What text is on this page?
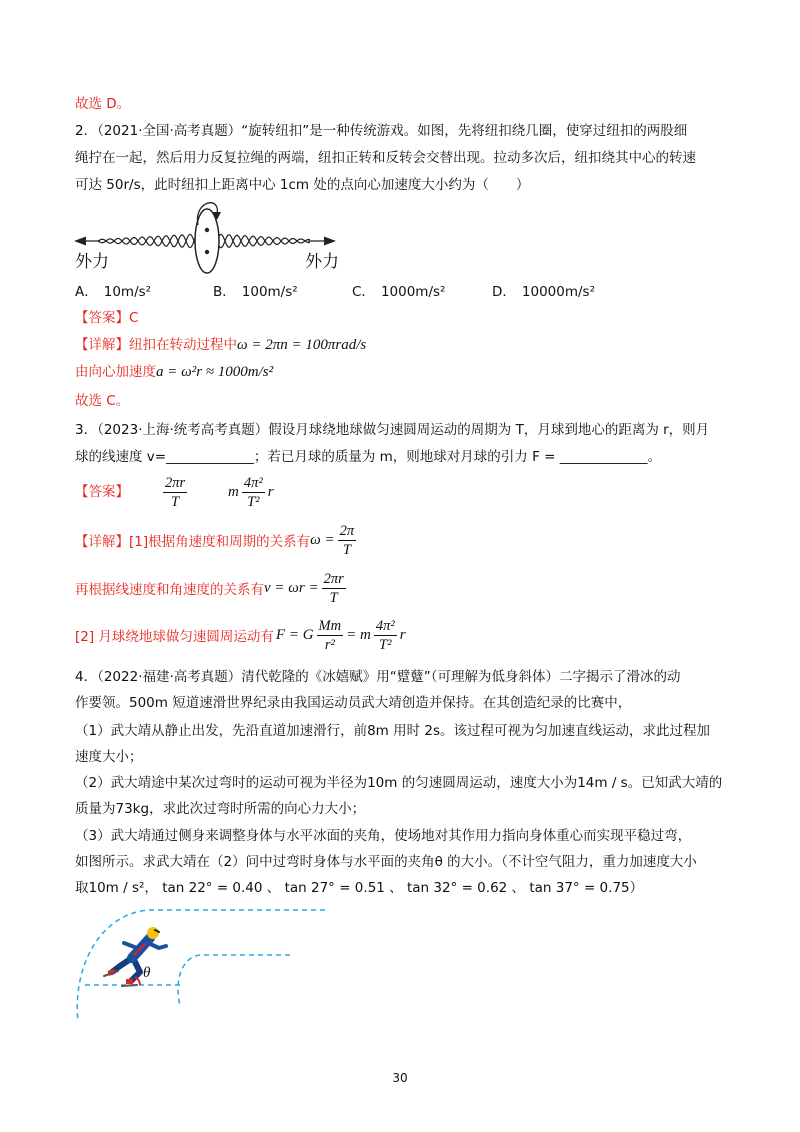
故选 D。
2．（2021·全国·高考真题）“旋转纽扣”是一种传统游戏。如图，先将纽扣绕几圈，使穿过纽扣的两股细
绳拧在一起，然后用力反复拉绳的两端，纽扣正转和反转会交替出现。拉动多次后，纽扣绕其中心的转速
可达 50r/s，此时纽扣上距离中心 1cm 处的点向心加速度大小约为（　　）
外力	外力
A． 10m/s²	B． 100m/s²	C． 1000m/s²	D． 10000m/s²
【答案】C
【详解】纽扣在转动过程中ω = 2πn = 100πrad/s
由向心加速度a = ω²r ≈ 1000m/s²
故选 C。
3．（2023·上海·统考高考真题）假设月球绕地球做匀速圆周运动的周期为 T，月球到地心的距离为 r，则月
球的线速度 v=_____________；若已月球的质量为 m，则地球对月球的引力 F = _____________。
【答案】	$\frac{2\pi r}{T}$	m $\frac{\text{4π²}}{\text{T²}}$ r
【详解】[1]根据角速度和周期的关系有 $\omega = \frac{2\pi}{T}$
再根据线速度和角速度的关系有 $v = \omega r = \frac{2\pi r}{T}$
[2] 月球绕地球做匀速圆周运动有 F = G $\frac{Mm}{\text{r²}} = m \frac{\text{4π²}}{\text{T²}}$ r
4．（2022·福建·高考真题）清代乾隆的《冰嬉赋》用“躄躠”（可理解为低身斜体）二字揭示了滑冰的动
作要领。500m 短道速滑世界纪录由我国运动员武大靖创造并保持。在其创造纪录的比赛中，
（1）武大靖从静止出发，先沿直道加速滑行，前8m 用时 2s。该过程可视为匀加速直线运动，求此过程加
速度大小；
（2）武大靖途中某次过弯时的运动可视为半径为10m 的匀速圆周运动，速度大小为14m / s。已知武大靖的
质量为73kg，求此次过弯时所需的向心力大小；
（3）武大靖通过侧身来调整身体与水平冰面的夹角，使场地对其作用力指向身体重心而实现平稳过弯，
如图所示。求武大靖在（2）问中过弯时身体与水平面的夹角θ 的大小。（不计空气阻力，重力加速度大小
取10m / s²， tan 22° = 0.40 、 tan 27° = 0.51 、 tan 32° = 0.62 、 tan 37° = 0.75）
θ
30
